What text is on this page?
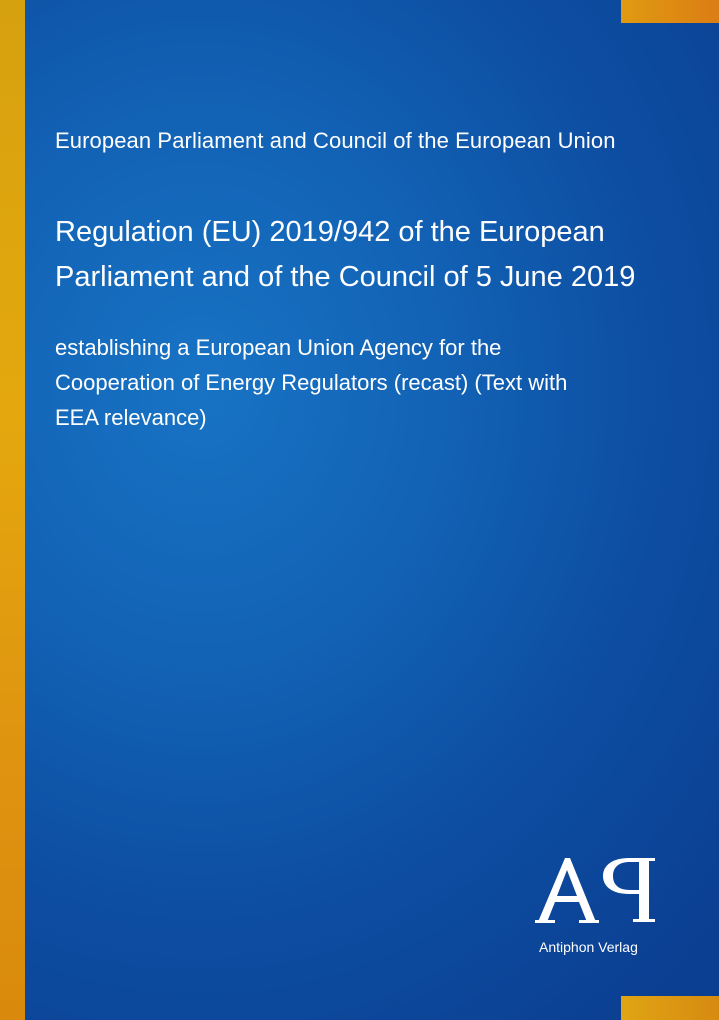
European Parliament and Council of the European Union
Regulation (EU) 2019/942 of the European
Parliament and of the Council of 5 June 2019

establishing a European Union Agency for the
Cooperation of Energy Regulators (recast) (Text with
EEA relevance)

Antiphon Verlag
